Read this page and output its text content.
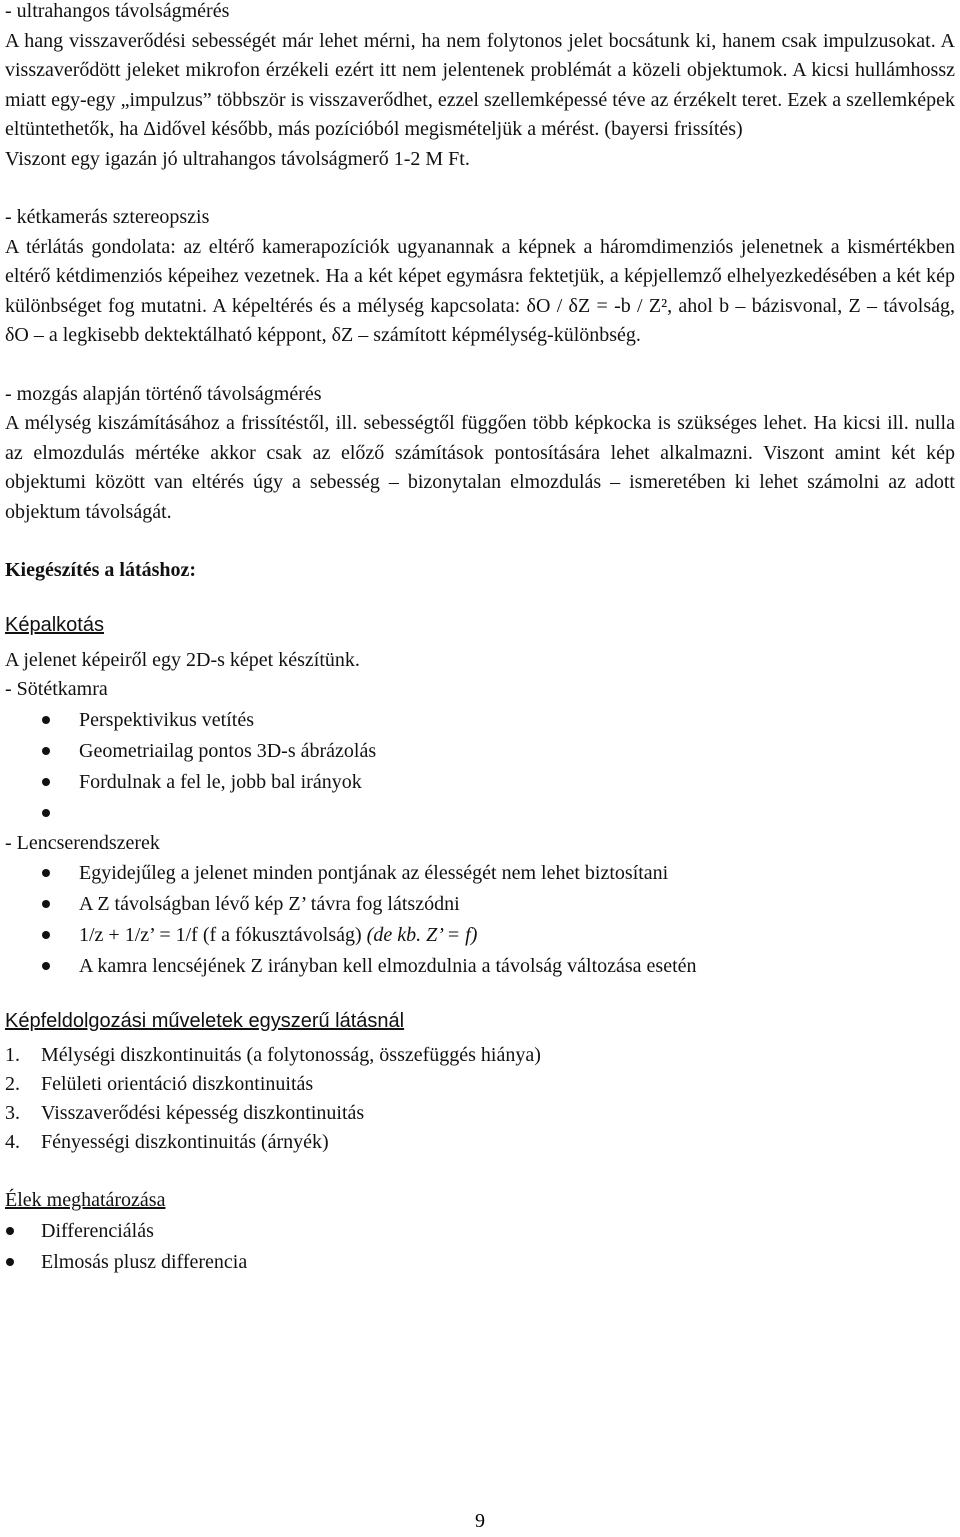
- ultrahangos távolságmérés

A hang visszaverődési sebességét már lehet mérni, ha nem folytonos jelet bocsátunk ki, hanem csak impulzusokat. A visszaverődött jeleket mikrofon érzékeli ezért itt nem jelentenek problémát a közeli objektumok. A kicsi hullámhossz miatt egy-egy „impulzus” többször is visszaverődhet, ezzel szellemképessé téve az érzékelt teret. Ezek a szellemképek eltüntethetők, ha Δidővel később, más pozícióból megismételjük a mérést. (bayersi frissítés)

Viszont egy igazán jó ultrahangos távolságmerő 1-2 M Ft.

- kétkamerás sztereopszis

A térlátás gondolata: az eltérő kamerapozíciók ugyanannak a képnek a háromdimenziós jelenetnek a kismértékben eltérő kétdimenziós képeihez vezetnek. Ha a két képet egymásra fektetjük, a képjellemző elhelyezkedésében a két kép különbséget fog mutatni. A képeltérés és a mélység kapcsolata: δO / δZ = -b / Z², ahol b – bázisvonal, Z – távolság, δO – a legkisebb dektektálható képpont, δZ – számított képmélység-különbség.

- mozgás alapján történő távolságmérés

A mélység kiszámításához a frissítéstől, ill. sebességtől függően több képkocka is szükséges lehet. Ha kicsi ill. nulla az elmozdulás mértéke akkor csak az előző számítások pontosítására lehet alkalmazni. Viszont amint két kép objektumi között van eltérés úgy a sebesség – bizonytalan elmozdulás – ismeretében ki lehet számolni az adott objektum távolságát.

Kiegészítés a látáshoz:

Képalkotás

A jelenet képeiről egy 2D-s képet készítünk.

- Sötétkamra

Perspektivikus vetítés
Geometriailag pontos 3D-s ábrázolás
Fordulnak a fel le, jobb bal irányok

- Lencserendszerek

Egyidejűleg a jelenet minden pontjának az élességét nem lehet biztosítani
A Z távolságban lévő kép Z’ távra fog látszódni
1/z + 1/z’ = 1/f (f a fókusztávolság) (de kb. Z’ = f)
A kamra lencséjének Z irányban kell elmozdulnia a távolság változása esetén

Képfeldolgozási műveletek egyszerű látásnál

1. Mélységi diszkontinuitás (a folytonosság, összefüggés hiánya)
2. Felületi orientáció diszkontinuitás
3. Visszaverődési képesség diszkontinuitás
4. Fényességi diszkontinuitás (árnyék)

Élek meghatározása

Differenciálás
Elmosás plusz differencia
9
